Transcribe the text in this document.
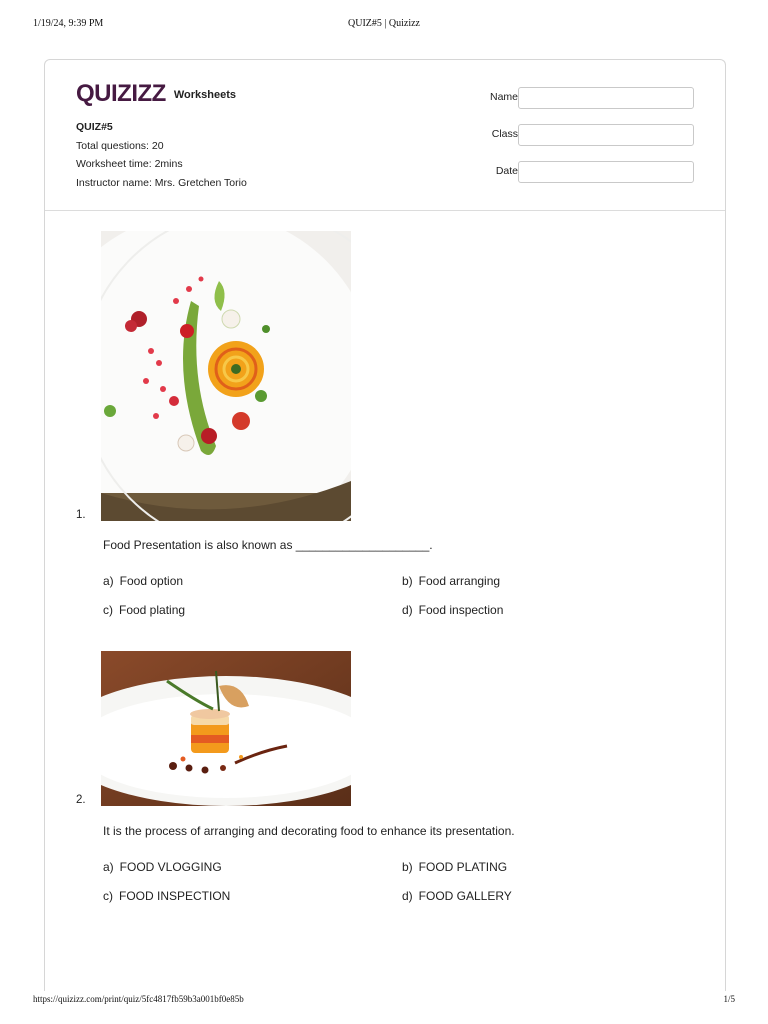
1/19/24, 9:39 PM	QUIZ#5 | Quizizz
QUIZIZZ Worksheets
QUIZ#5
Total questions: 20
Worksheet time: 2mins
Instructor name: Mrs. Gretchen Torio
Name
Class
Date
1.
Food Presentation is also known as ____________________.
a) Food option	b) Food arranging
c) Food plating	d) Food inspection
2.
It is the process of arranging and decorating food to enhance its presentation.
a) FOOD VLOGGING	b) FOOD PLATING
c) FOOD INSPECTION	d) FOOD GALLERY
https://quizizz.com/print/quiz/5fc4817fb59b3a001bf0e85b	1/5
